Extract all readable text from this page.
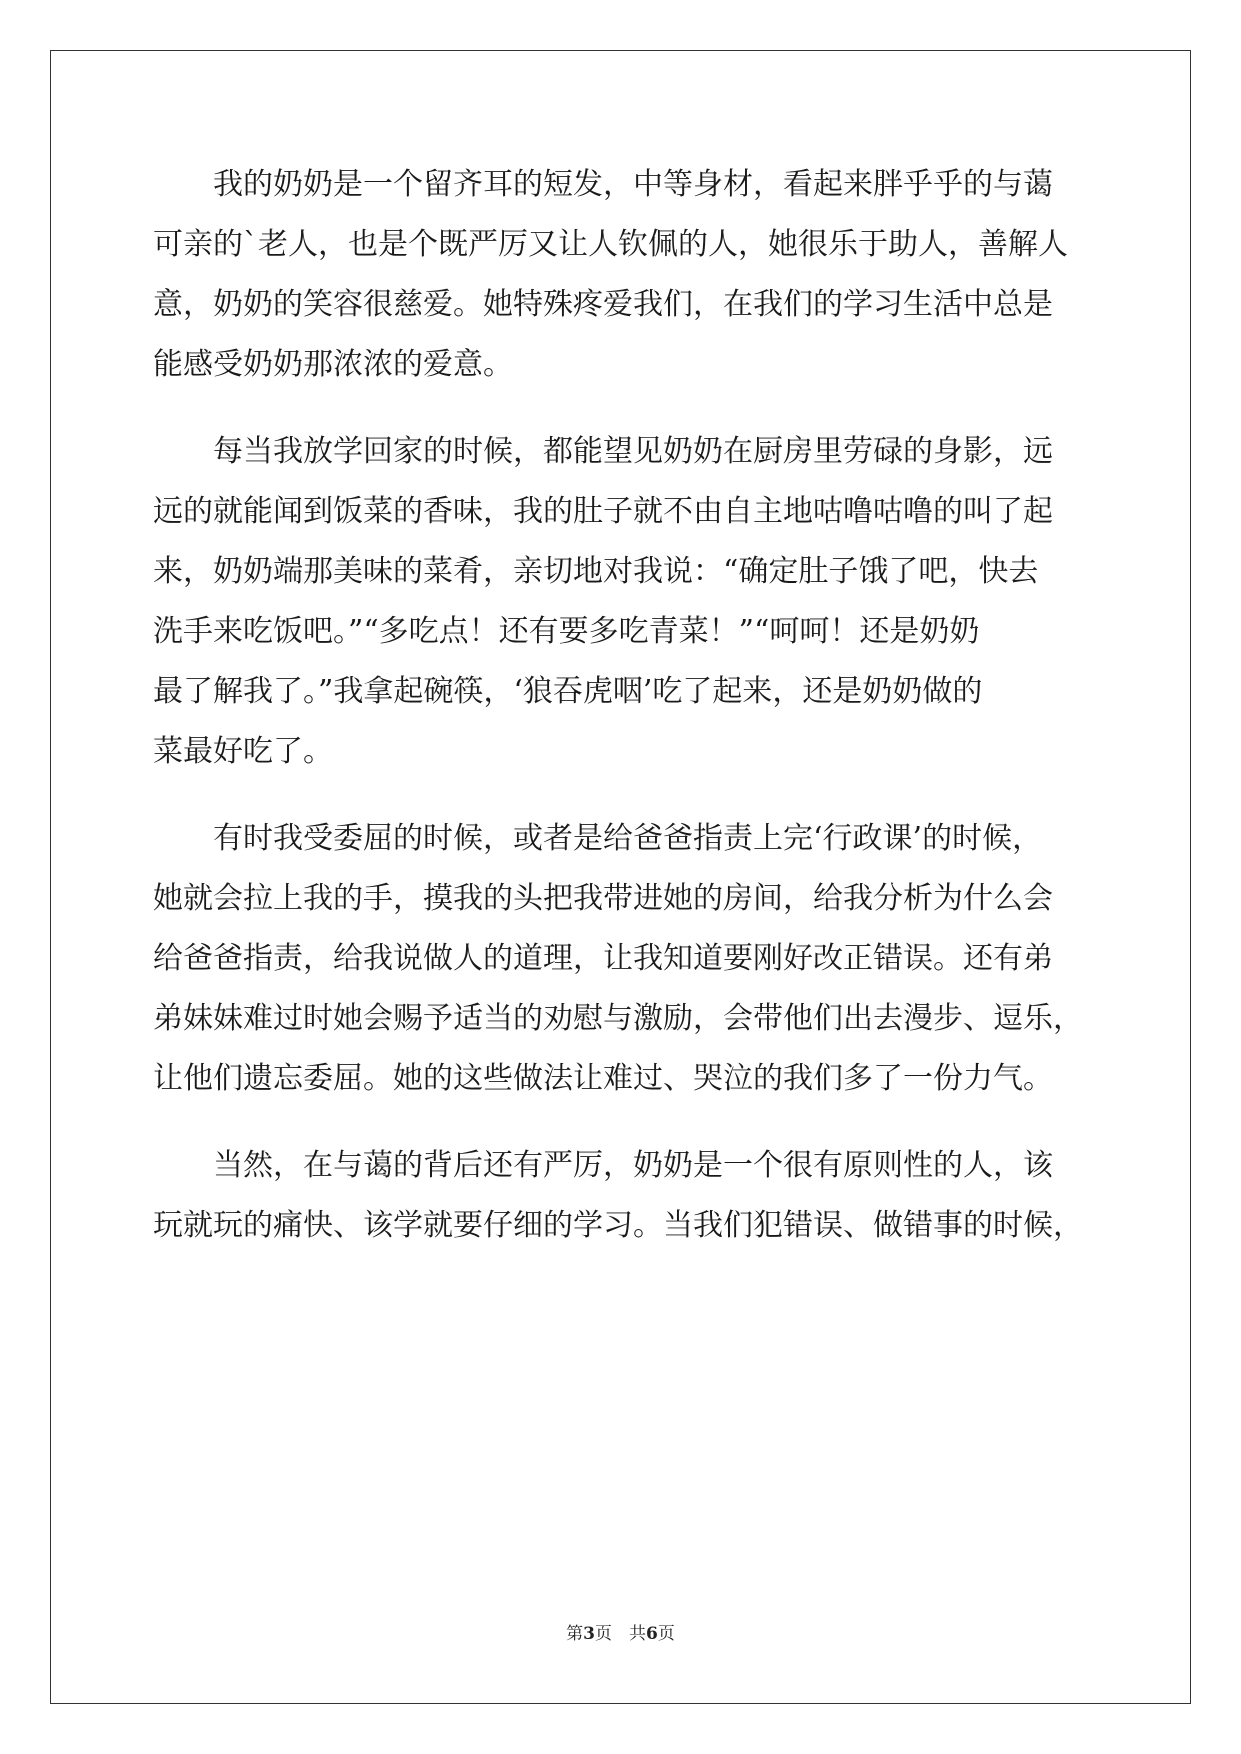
　　我的奶奶是一个留齐耳的短发，中等身材，看起来胖乎乎的与蔼
可亲的`老人，也是个既严厉又让人钦佩的人，她很乐于助人，善解人
意，奶奶的笑容很慈爱。她特殊疼爱我们，在我们的学习生活中总是
能感受奶奶那浓浓的爱意。
　　每当我放学回家的时候，都能望见奶奶在厨房里劳碌的身影，远
远的就能闻到饭菜的香味，我的肚子就不由自主地咕噜咕噜的叫了起
来，奶奶端那美味的菜肴，亲切地对我说：“确定肚子饿了吧，快去
洗手来吃饭吧。”“多吃点！还有要多吃青菜！”“呵呵！还是奶奶
最了解我了。”我拿起碗筷，‘狼吞虎咽’吃了起来，还是奶奶做的
菜最好吃了。
　　有时我受委屈的时候，或者是给爸爸指责上完‘行政课’的时候，
她就会拉上我的手，摸我的头把我带进她的房间，给我分析为什么会
给爸爸指责，给我说做人的道理，让我知道要刚好改正错误。还有弟
弟妹妹难过时她会赐予适当的劝慰与激励，会带他们出去漫步、逗乐，
让他们遗忘委屈。她的这些做法让难过、哭泣的我们多了一份力气。
　　当然，在与蔼的背后还有严厉，奶奶是一个很有原则性的人，该
玩就玩的痛快、该学就要仔细的学习。当我们犯错误、做错事的时候，
第3页　共6页
